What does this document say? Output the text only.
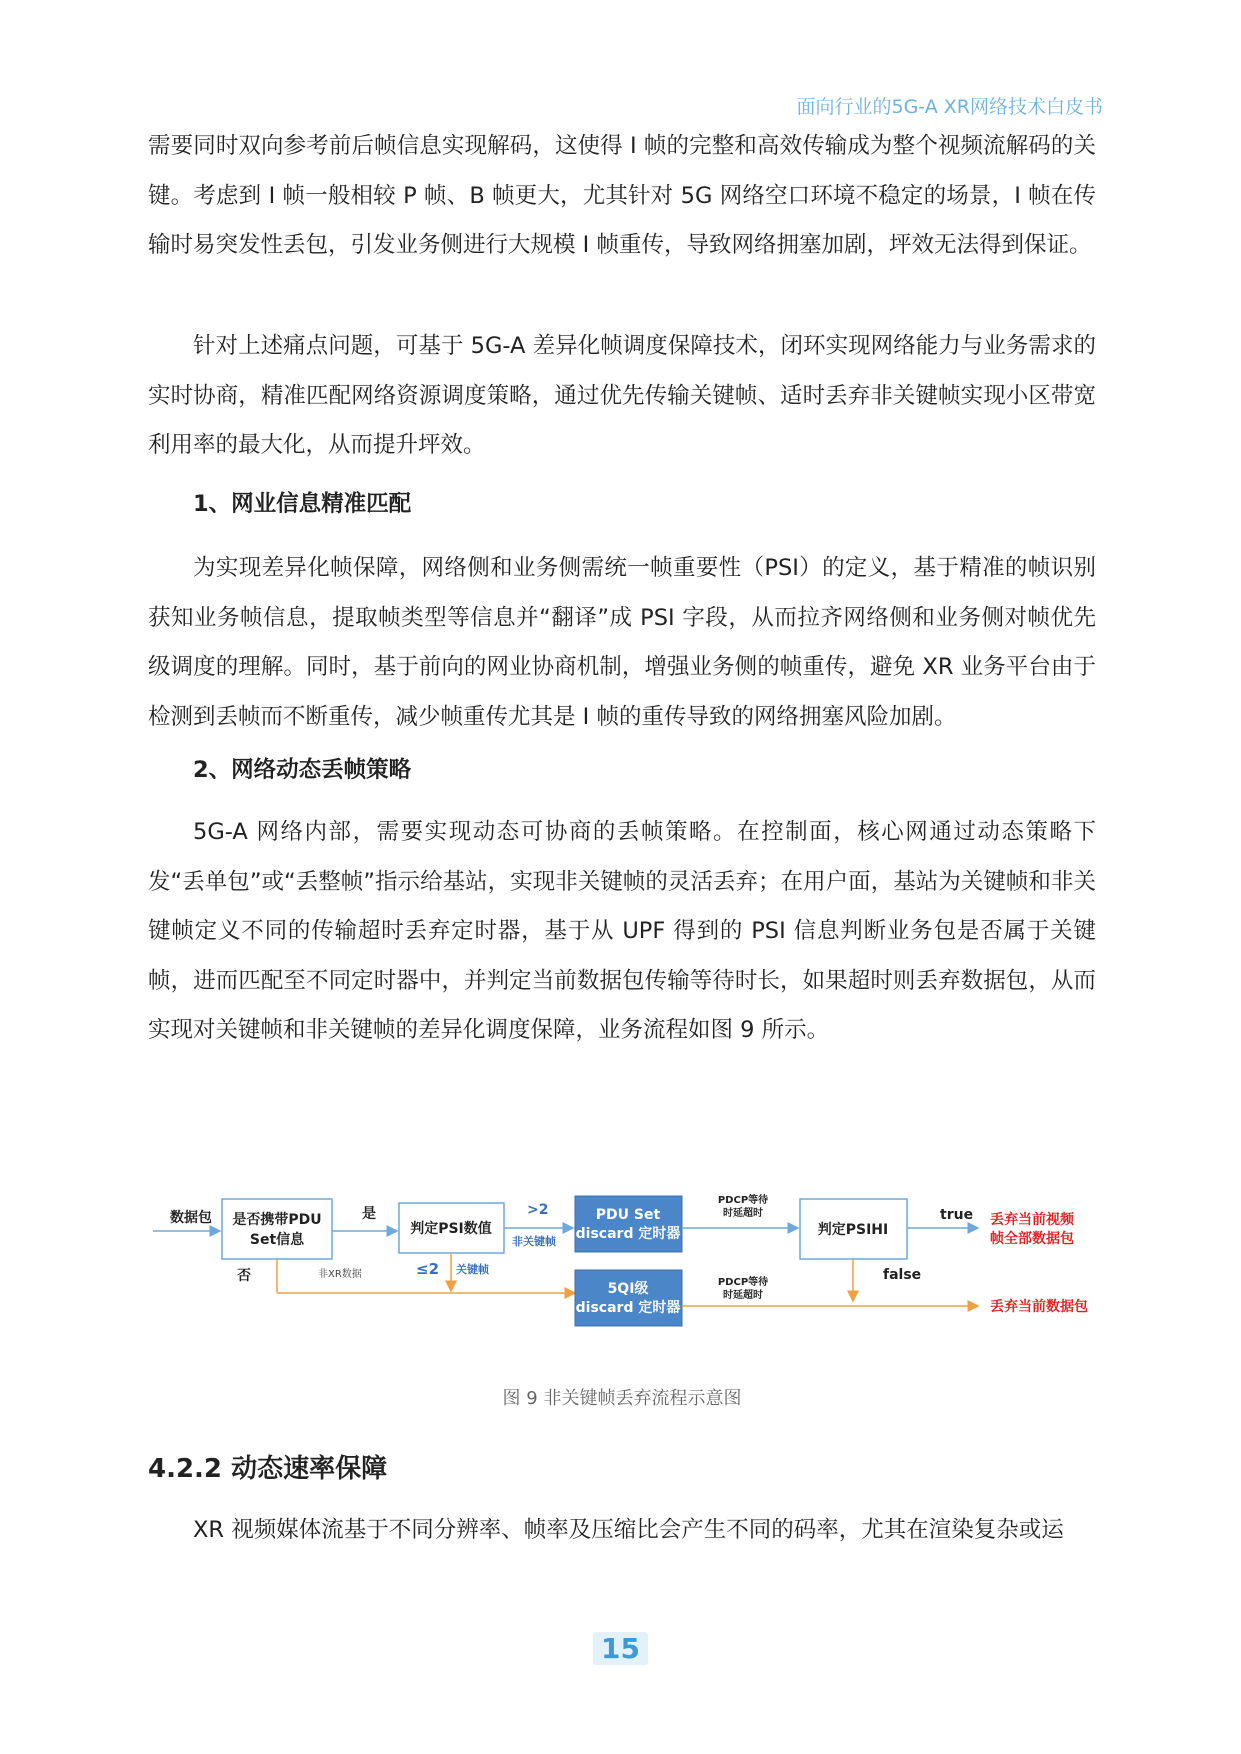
面向行业的5G-A XR网络技术白皮书

需要同时双向参考前后帧信息实现解码，这使得 I 帧的完整和高效传输成为整个视频流解码的关键。考虑到 I 帧一般相较 P 帧、B 帧更大，尤其针对 5G 网络空口环境不稳定的场景，I 帧在传输时易突发性丢包，引发业务侧进行大规模 I 帧重传，导致网络拥塞加剧，坪效无法得到保证。

针对上述痛点问题，可基于 5G-A 差异化帧调度保障技术，闭环实现网络能力与业务需求的实时协商，精准匹配网络资源调度策略，通过优先传输关键帧、适时丢弃非关键帧实现小区带宽利用率的最大化，从而提升坪效。

1、网业信息精准匹配

为实现差异化帧保障，网络侧和业务侧需统一帧重要性（PSI）的定义，基于精准的帧识别获知业务帧信息，提取帧类型等信息并“翻译”成 PSI 字段，从而拉齐网络侧和业务侧对帧优先级调度的理解。同时，基于前向的网业协商机制，增强业务侧的帧重传，避免 XR 业务平台由于检测到丢帧而不断重传，减少帧重传尤其是 I 帧的重传导致的网络拥塞风险加剧。

2、网络动态丢帧策略

5G-A 网络内部，需要实现动态可协商的丢帧策略。在控制面，核心网通过动态策略下发“丢单包”或“丢整帧”指示给基站，实现非关键帧的灵活丢弃；在用户面，基站为关键帧和非关键帧定义不同的传输超时丢弃定时器，基于从 UPF 得到的 PSI 信息判断业务包是否属于关键帧，进而匹配至不同定时器中，并判定当前数据包传输等待时长，如果超时则丢弃数据包，从而实现对关键帧和非关键帧的差异化调度保障，业务流程如图 9 所示。

4.2.2 动态速率保障

XR 视频媒体流基于不同分辨率、帧率及压缩比会产生不同的码率，尤其在渲染复杂或运

图 9 非关键帧丢弃流程示意图
数据包 是否携带PDU
Set信息
是
否	非XR数据
判定PSI数值
>2
非关键帧
≤2 关键帧
PDU Set
discard 定时器
5QI级
discard 定时器
PDCP等待
时延超时
PDCP等待
时延超时
判定PSIHI
true 丢弃当前视频
帧全部数据包
false
丢弃当前数据包
15
